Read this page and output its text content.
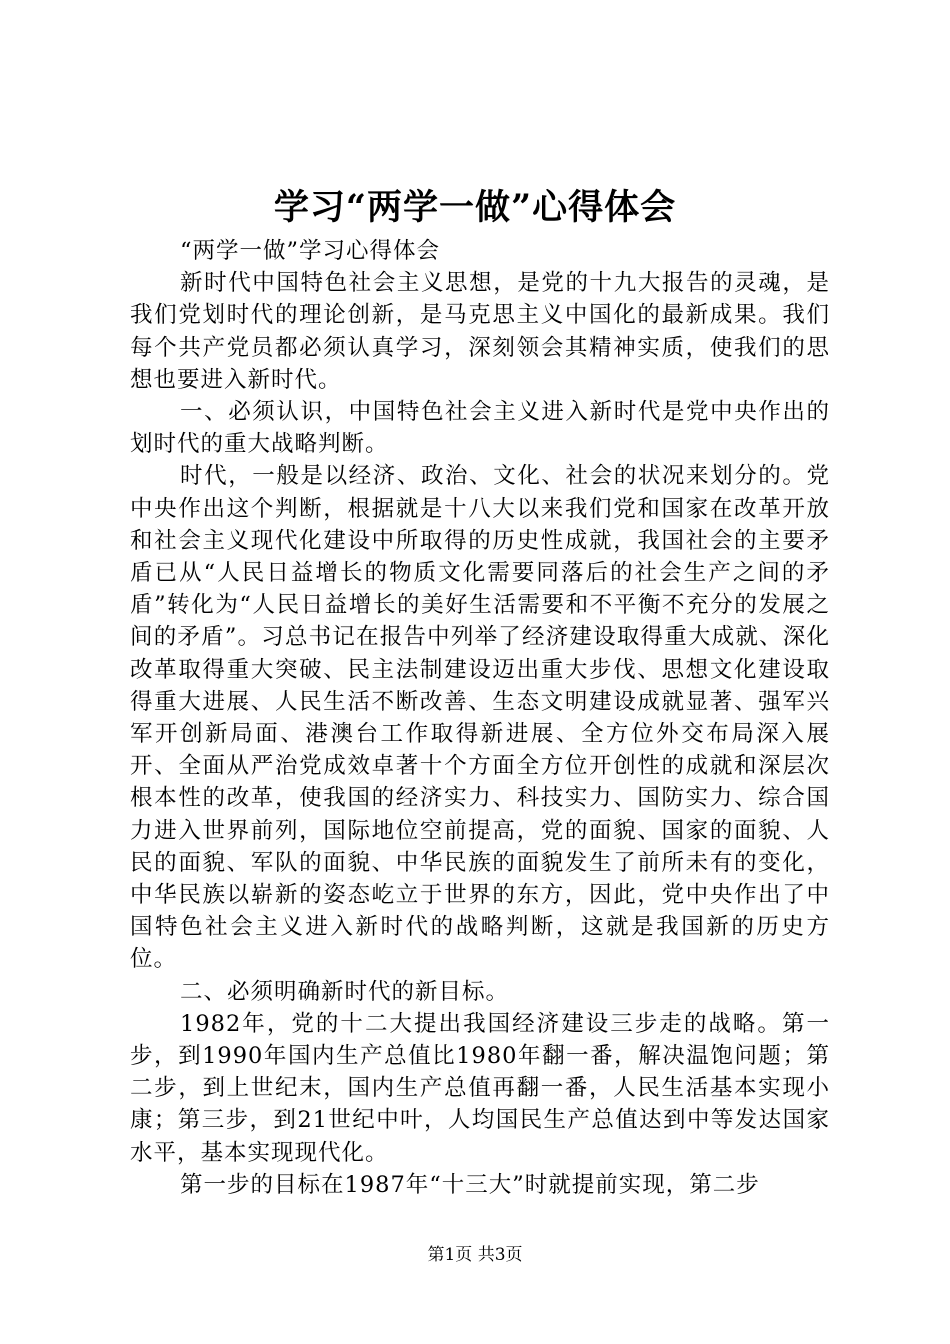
学习“两学一做”心得体会

“两学一做”学习心得体会

新时代中国特色社会主义思想，是党的十九大报告的灵魂，是我们党划时代的理论创新，是马克思主义中国化的最新成果。我们每个共产党员都必须认真学习，深刻领会其精神实质，使我们的思想也要进入新时代。

一、必须认识，中国特色社会主义进入新时代是党中央作出的划时代的重大战略判断。

时代，一般是以经济、政治、文化、社会的状况来划分的。党中央作出这个判断，根据就是十八大以来我们党和国家在改革开放和社会主义现代化建设中所取得的历史性成就，我国社会的主要矛盾已从“人民日益增长的物质文化需要同落后的社会生产之间的矛盾”转化为“人民日益增长的美好生活需要和不平衡不充分的发展之间的矛盾”。习总书记在报告中列举了经济建设取得重大成就、深化改革取得重大突破、民主法制建设迈出重大步伐、思想文化建设取得重大进展、人民生活不断改善、生态文明建设成就显著、强军兴军开创新局面、港澳台工作取得新进展、全方位外交布局深入展开、全面从严治党成效卓著十个方面全方位开创性的成就和深层次根本性的改革，使我国的经济实力、科技实力、国防实力、综合国力进入世界前列，国际地位空前提高，党的面貌、国家的面貌、人民的面貌、军队的面貌、中华民族的面貌发生了前所未有的变化，中华民族以崭新的姿态屹立于世界的东方，因此，党中央作出了中国特色社会主义进入新时代的战略判断，这就是我国新的历史方位。

二、必须明确新时代的新目标。

1982年，党的十二大提出我国经济建设三步走的战略。第一步，到1990年国内生产总值比1980年翻一番，解决温饱问题；第二步，到上世纪末，国内生产总值再翻一番，人民生活基本实现小康；第三步，到21世纪中叶，人均国民生产总值达到中等发达国家水平，基本实现现代化。

第一步的目标在1987年“十三大”时就提前实现，第二步

第1页 共3页
